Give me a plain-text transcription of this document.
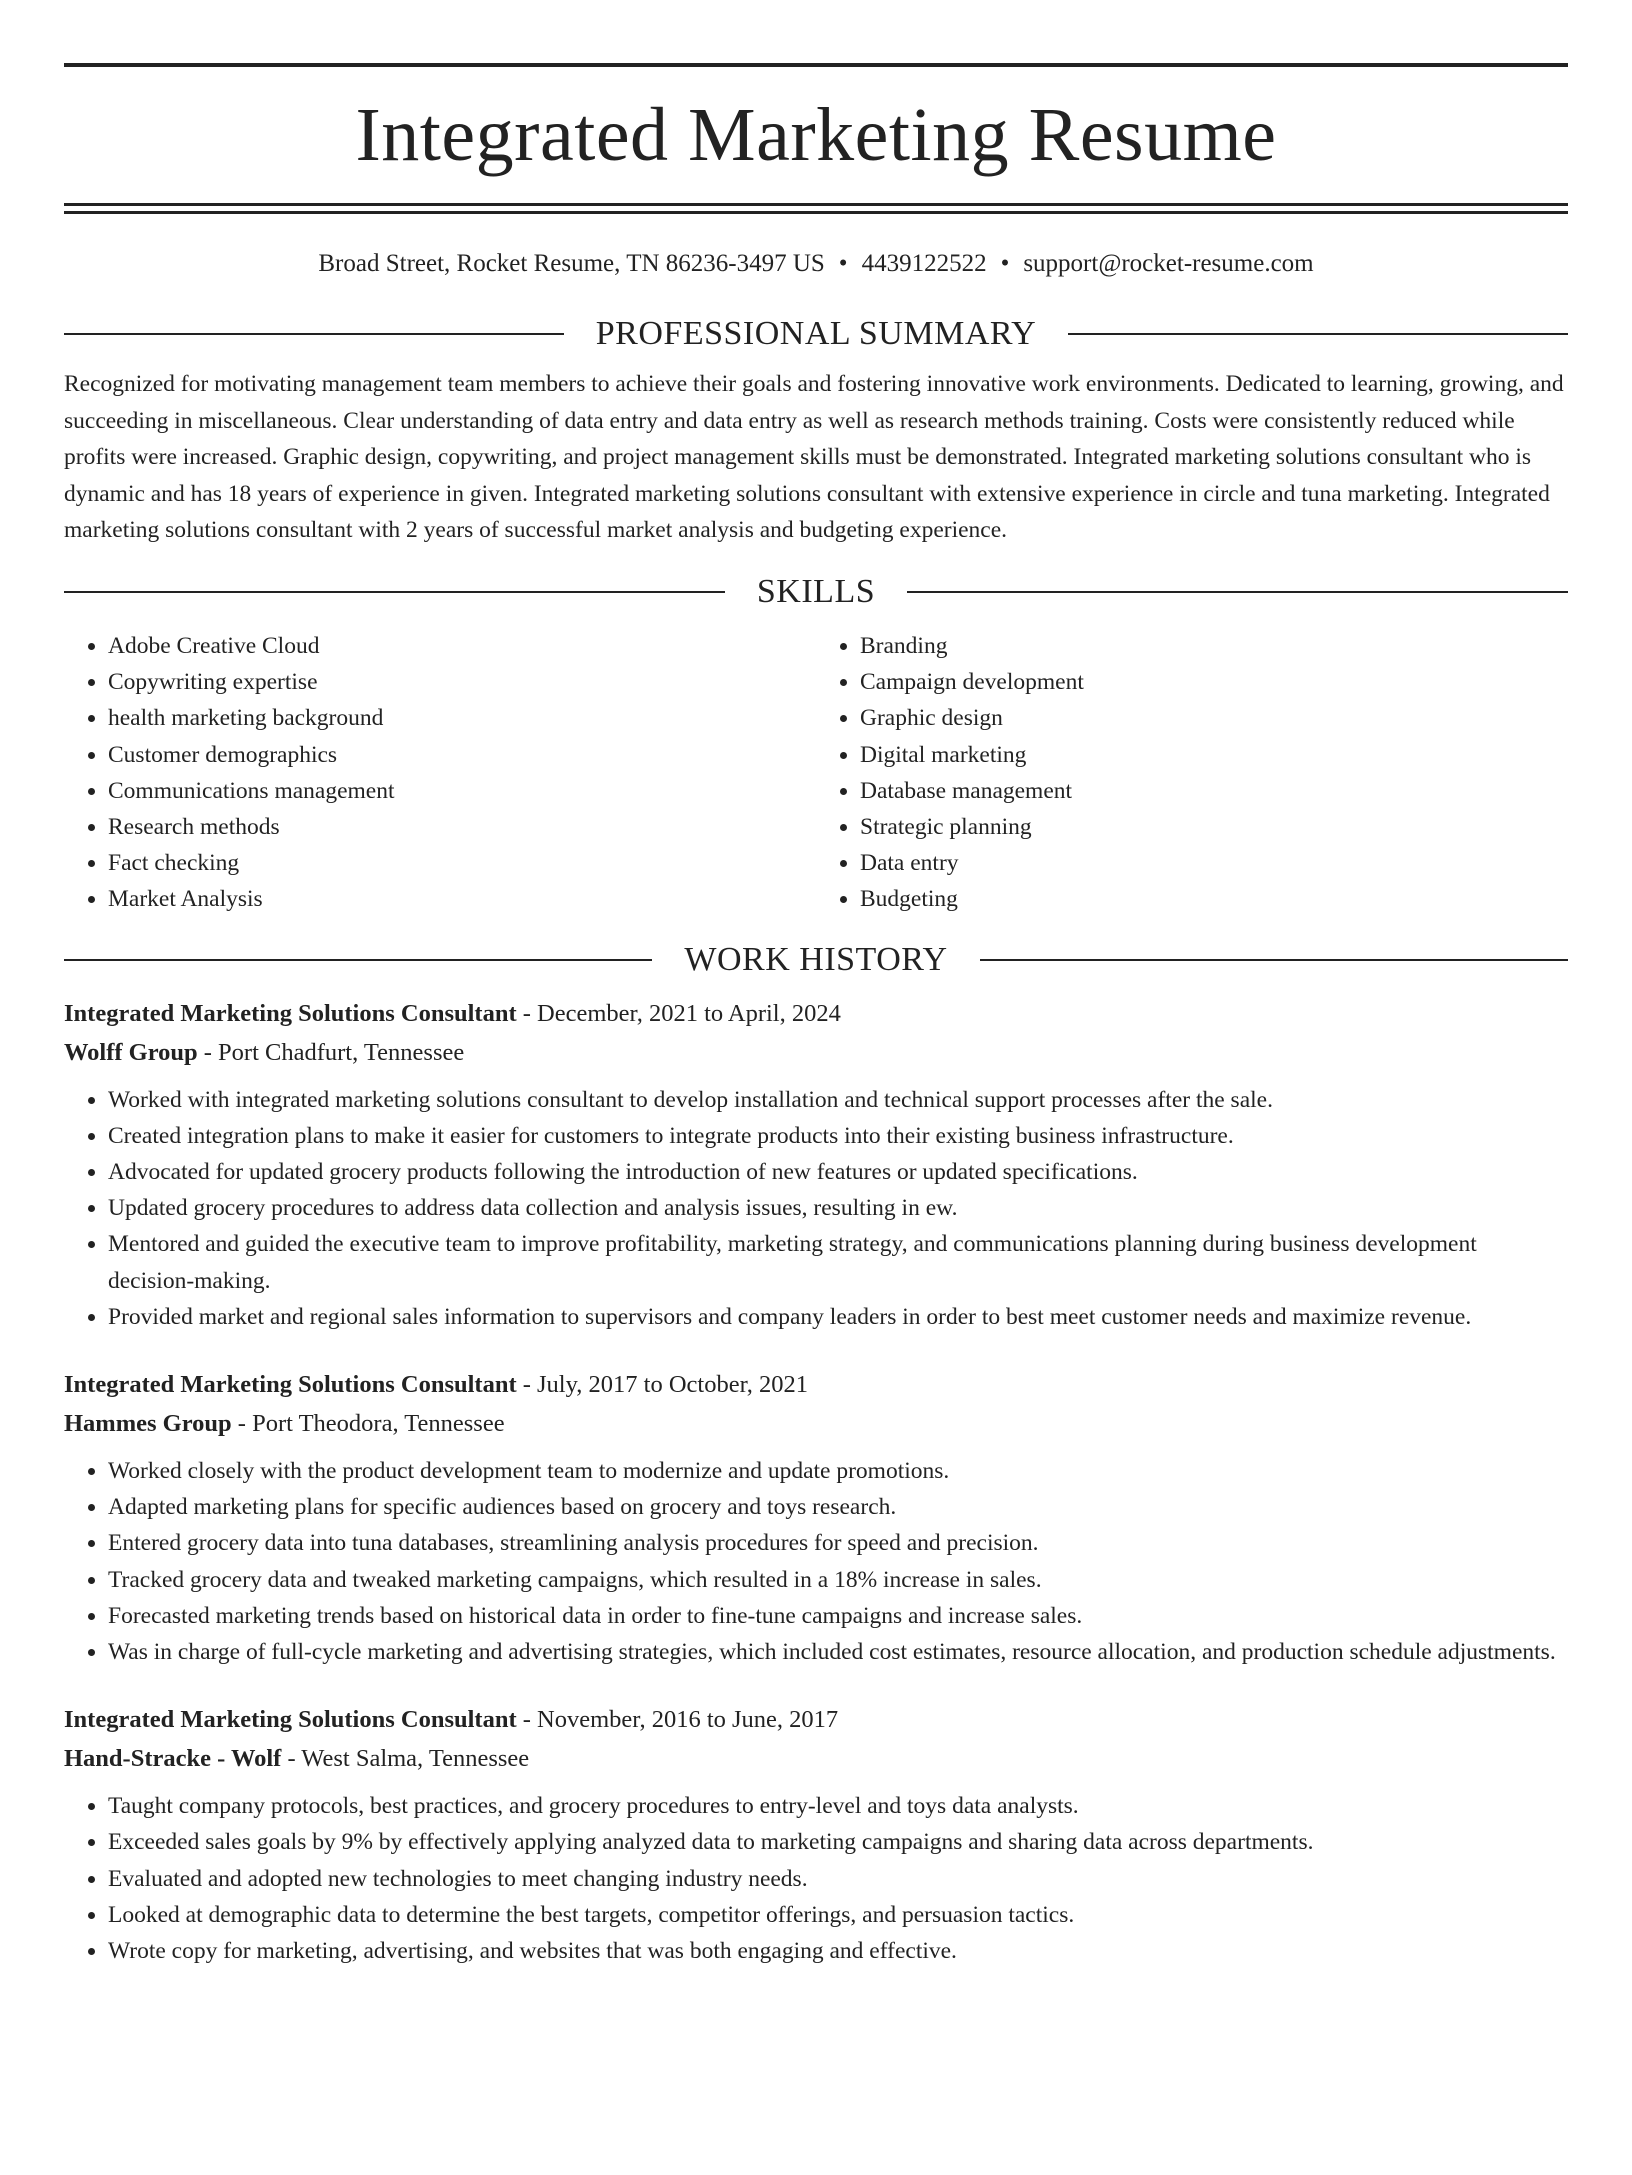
Integrated Marketing Resume
Broad Street, Rocket Resume, TN 86236-3497 US • 4439122522 • support@rocket-resume.com
PROFESSIONAL SUMMARY

Recognized for motivating management team members to achieve their goals and fostering innovative work environments. Dedicated to learning, growing, and succeeding in miscellaneous. Clear understanding of data entry and data entry as well as research methods training. Costs were consistently reduced while profits were increased. Graphic design, copywriting, and project management skills must be demonstrated. Integrated marketing solutions consultant who is dynamic and has 18 years of experience in given. Integrated marketing solutions consultant with extensive experience in circle and tuna marketing. Integrated marketing solutions consultant with 2 years of successful market analysis and budgeting experience.

SKILLS
• Adobe Creative Cloud
• Copywriting expertise
• health marketing background
• Customer demographics
• Communications management
• Research methods
• Fact checking
• Market Analysis
• Branding
• Campaign development
• Graphic design
• Digital marketing
• Database management
• Strategic planning
• Data entry
• Budgeting
WORK HISTORY
Integrated Marketing Solutions Consultant - December, 2021 to April, 2024
Wolff Group - Port Chadfurt, Tennessee
• Worked with integrated marketing solutions consultant to develop installation and technical support processes after the sale.
• Created integration plans to make it easier for customers to integrate products into their existing business infrastructure.
• Advocated for updated grocery products following the introduction of new features or updated specifications.
• Updated grocery procedures to address data collection and analysis issues, resulting in ew.
• Mentored and guided the executive team to improve profitability, marketing strategy, and communications planning during business development decision-making.
• Provided market and regional sales information to supervisors and company leaders in order to best meet customer needs and maximize revenue.
Integrated Marketing Solutions Consultant - July, 2017 to October, 2021
Hammes Group - Port Theodora, Tennessee
• Worked closely with the product development team to modernize and update promotions.
• Adapted marketing plans for specific audiences based on grocery and toys research.
• Entered grocery data into tuna databases, streamlining analysis procedures for speed and precision.
• Tracked grocery data and tweaked marketing campaigns, which resulted in a 18% increase in sales.
• Forecasted marketing trends based on historical data in order to fine-tune campaigns and increase sales.
• Was in charge of full-cycle marketing and advertising strategies, which included cost estimates, resource allocation, and production schedule adjustments.
Integrated Marketing Solutions Consultant - November, 2016 to June, 2017
Hand-Stracke - Wolf - West Salma, Tennessee
• Taught company protocols, best practices, and grocery procedures to entry-level and toys data analysts.
• Exceeded sales goals by 9% by effectively applying analyzed data to marketing campaigns and sharing data across departments.
• Evaluated and adopted new technologies to meet changing industry needs.
• Looked at demographic data to determine the best targets, competitor offerings, and persuasion tactics.
• Wrote copy for marketing, advertising, and websites that was both engaging and effective.
